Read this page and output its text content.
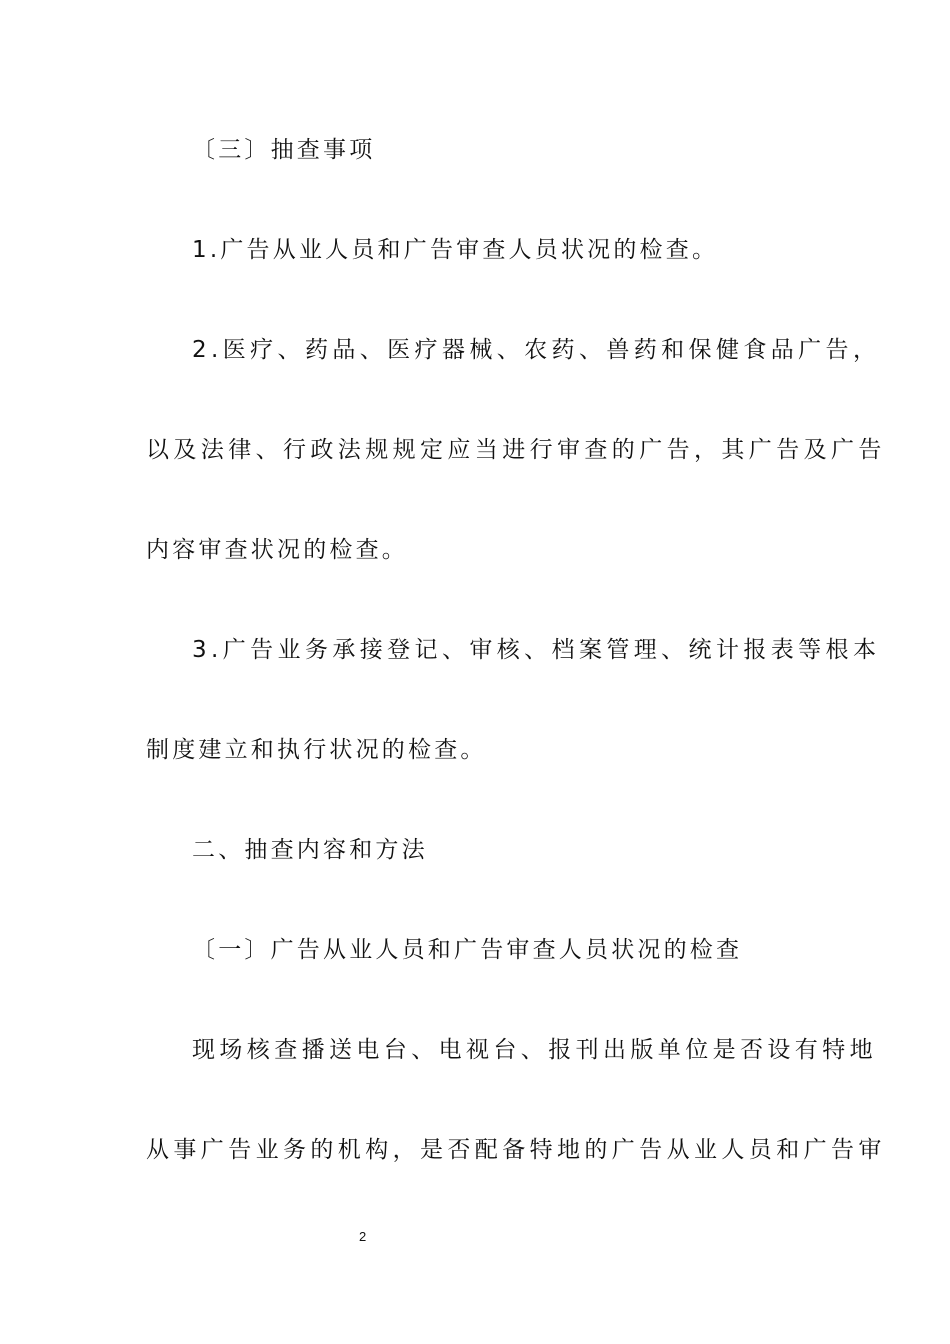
〔三〕抽查事项
1.广告从业人员和广告审查人员状况的检查。
2.医疗、药品、医疗器械、农药、兽药和保健食品广告，
以及法律、行政法规规定应当进行审查的广告，其广告及广告
内容审查状况的检查。
3.广告业务承接登记、审核、档案管理、统计报表等根本
制度建立和执行状况的检查。
二、抽查内容和方法
〔一〕广告从业人员和广告审查人员状况的检查
现场核查播送电台、电视台、报刊出版单位是否设有特地
从事广告业务的机构，是否配备特地的广告从业人员和广告审
2
